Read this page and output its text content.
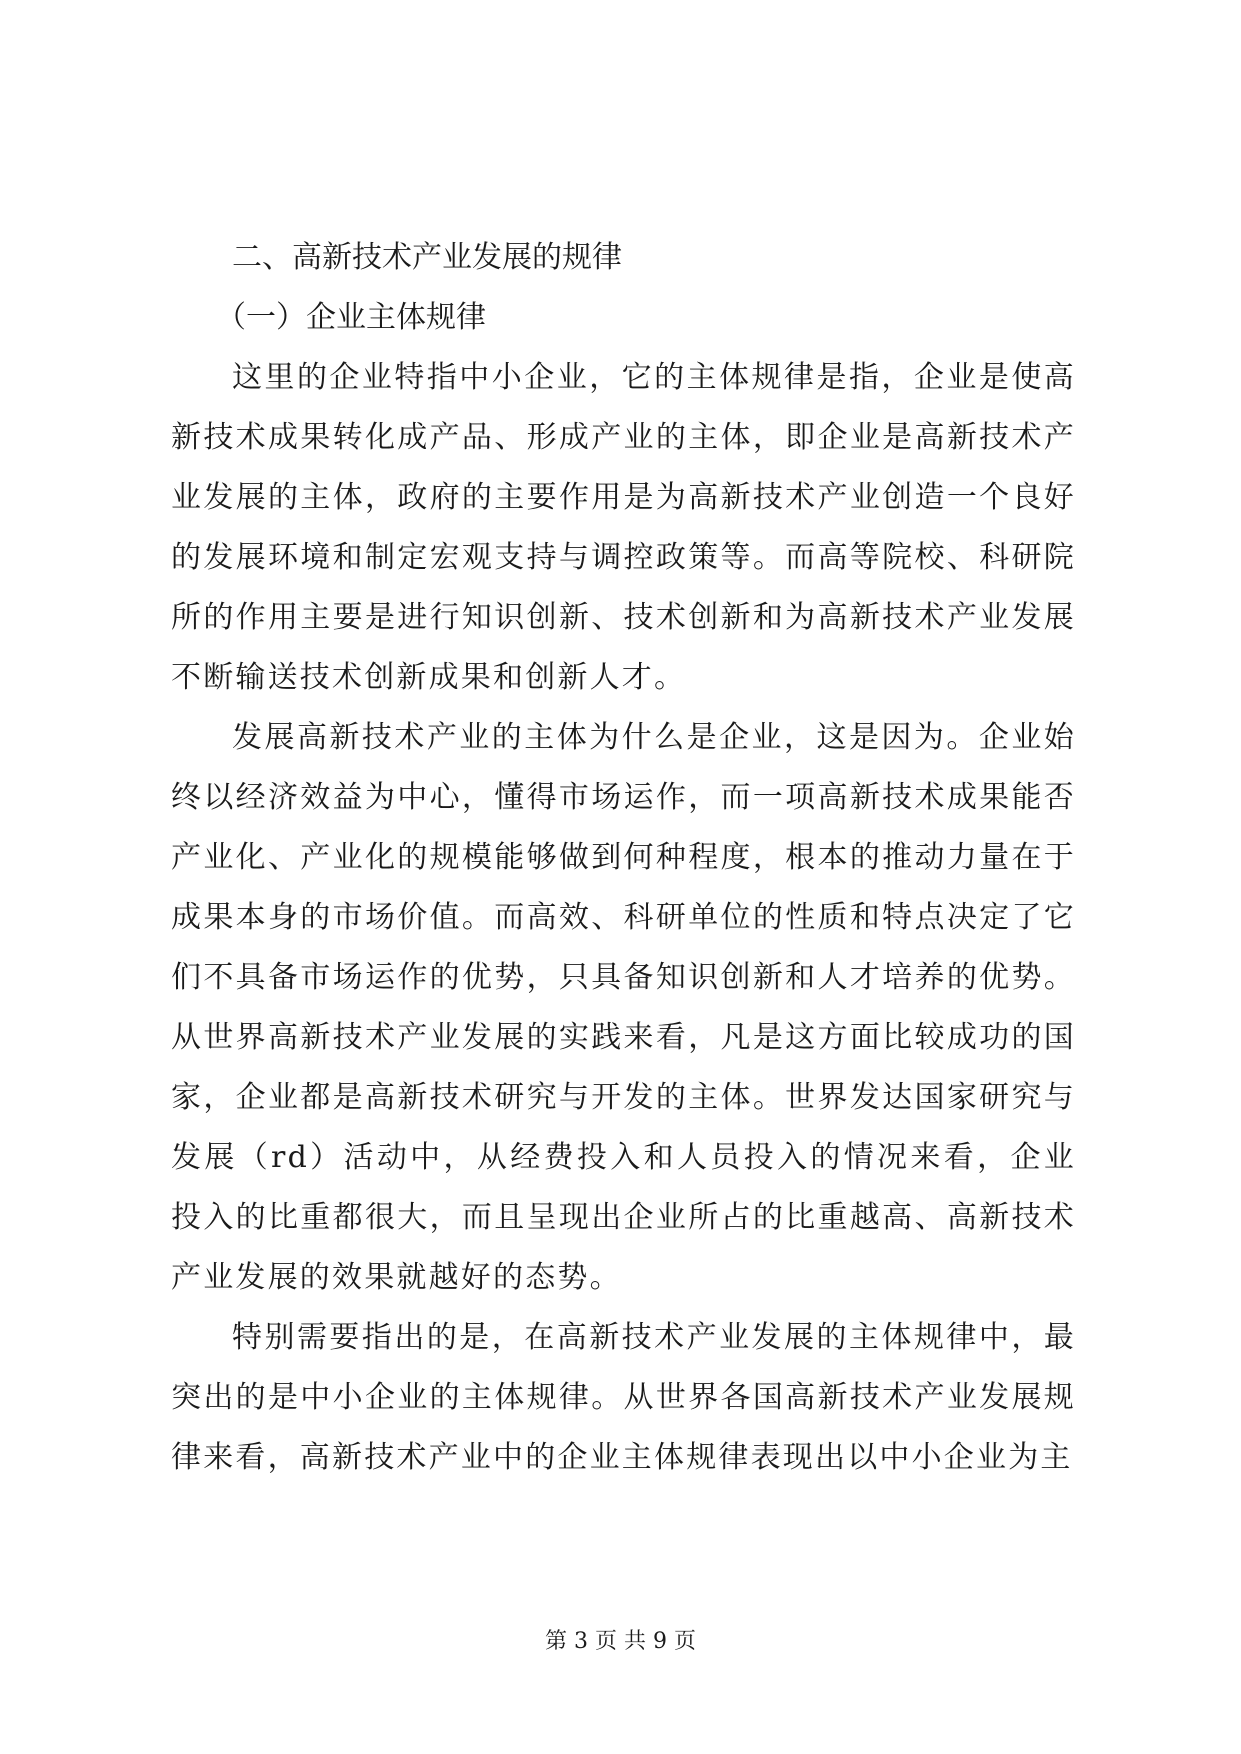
二、高新技术产业发展的规律

（一）企业主体规律

这里的企业特指中小企业，它的主体规律是指，企业是使高新技术成果转化成产品、形成产业的主体，即企业是高新技术产业发展的主体，政府的主要作用是为高新技术产业创造一个良好的发展环境和制定宏观支持与调控政策等。而高等院校、科研院所的作用主要是进行知识创新、技术创新和为高新技术产业发展不断输送技术创新成果和创新人才。

发展高新技术产业的主体为什么是企业，这是因为。企业始终以经济效益为中心，懂得市场运作，而一项高新技术成果能否产业化、产业化的规模能够做到何种程度，根本的推动力量在于成果本身的市场价值。而高效、科研单位的性质和特点决定了它们不具备市场运作的优势，只具备知识创新和人才培养的优势。从世界高新技术产业发展的实践来看，凡是这方面比较成功的国家，企业都是高新技术研究与开发的主体。世界发达国家研究与发展（rd）活动中，从经费投入和人员投入的情况来看，企业投入的比重都很大，而且呈现出企业所占的比重越高、高新技术产业发展的效果就越好的态势。

特别需要指出的是，在高新技术产业发展的主体规律中，最突出的是中小企业的主体规律。从世界各国高新技术产业发展规律来看，高新技术产业中的企业主体规律表现出以中小企业为主

第 3 页 共 9 页
